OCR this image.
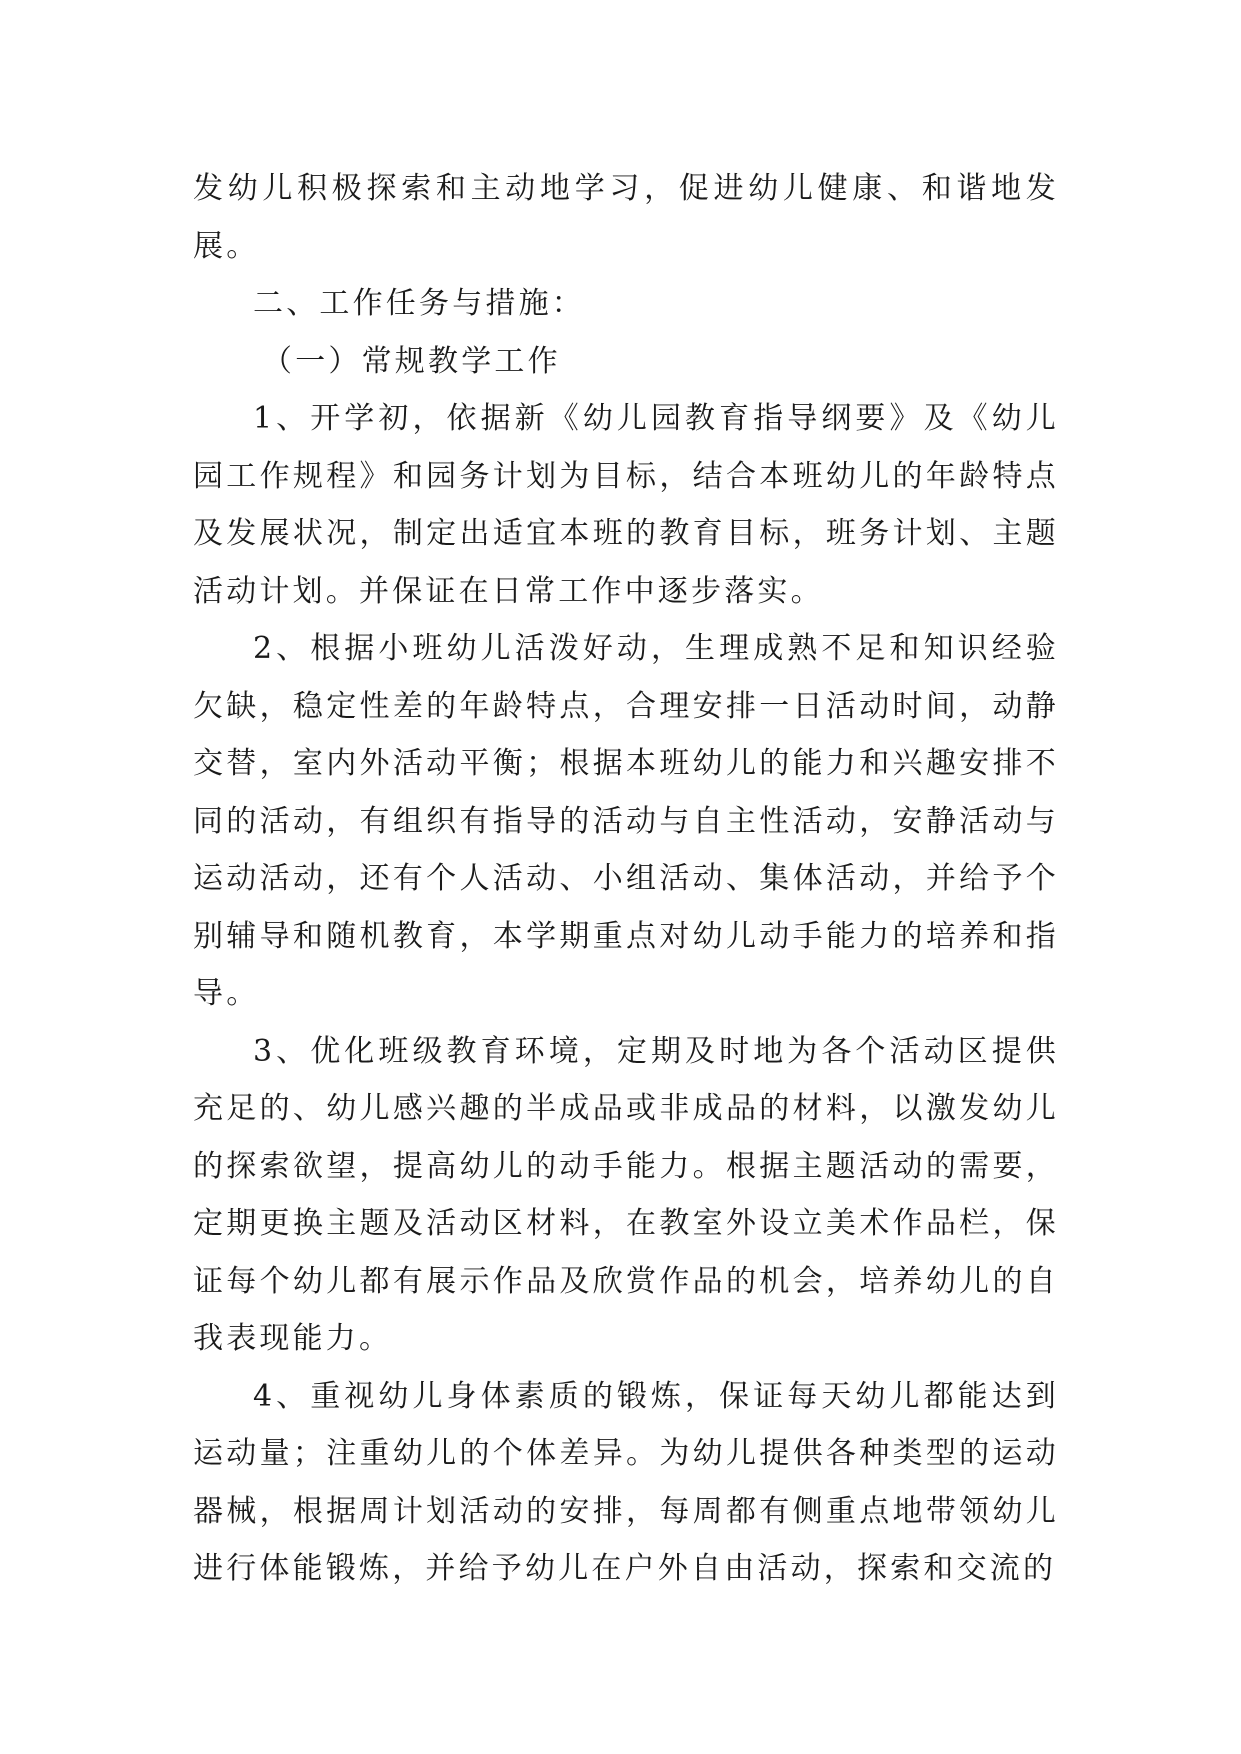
发幼儿积极探索和主动地学习，促进幼儿健康、和谐地发展。

二、工作任务与措施：

（一）常规教学工作

1、开学初，依据新《幼儿园教育指导纲要》及《幼儿园工作规程》和园务计划为目标，结合本班幼儿的年龄特点及发展状况，制定出适宜本班的教育目标，班务计划、主题活动计划。并保证在日常工作中逐步落实。

2、根据小班幼儿活泼好动，生理成熟不足和知识经验欠缺，稳定性差的年龄特点，合理安排一日活动时间，动静交替，室内外活动平衡；根据本班幼儿的能力和兴趣安排不同的活动，有组织有指导的活动与自主性活动，安静活动与运动活动，还有个人活动、小组活动、集体活动，并给予个别辅导和随机教育，本学期重点对幼儿动手能力的培养和指导。

3、优化班级教育环境，定期及时地为各个活动区提供充足的、幼儿感兴趣的半成品或非成品的材料，以激发幼儿的探索欲望，提高幼儿的动手能力。根据主题活动的需要，定期更换主题及活动区材料，在教室外设立美术作品栏，保证每个幼儿都有展示作品及欣赏作品的机会，培养幼儿的自我表现能力。

4、重视幼儿身体素质的锻炼，保证每天幼儿都能达到运动量；注重幼儿的个体差异。为幼儿提供各种类型的运动器械，根据周计划活动的安排，每周都有侧重点地带领幼儿进行体能锻炼，并给予幼儿在户外自由活动，探索和交流的
